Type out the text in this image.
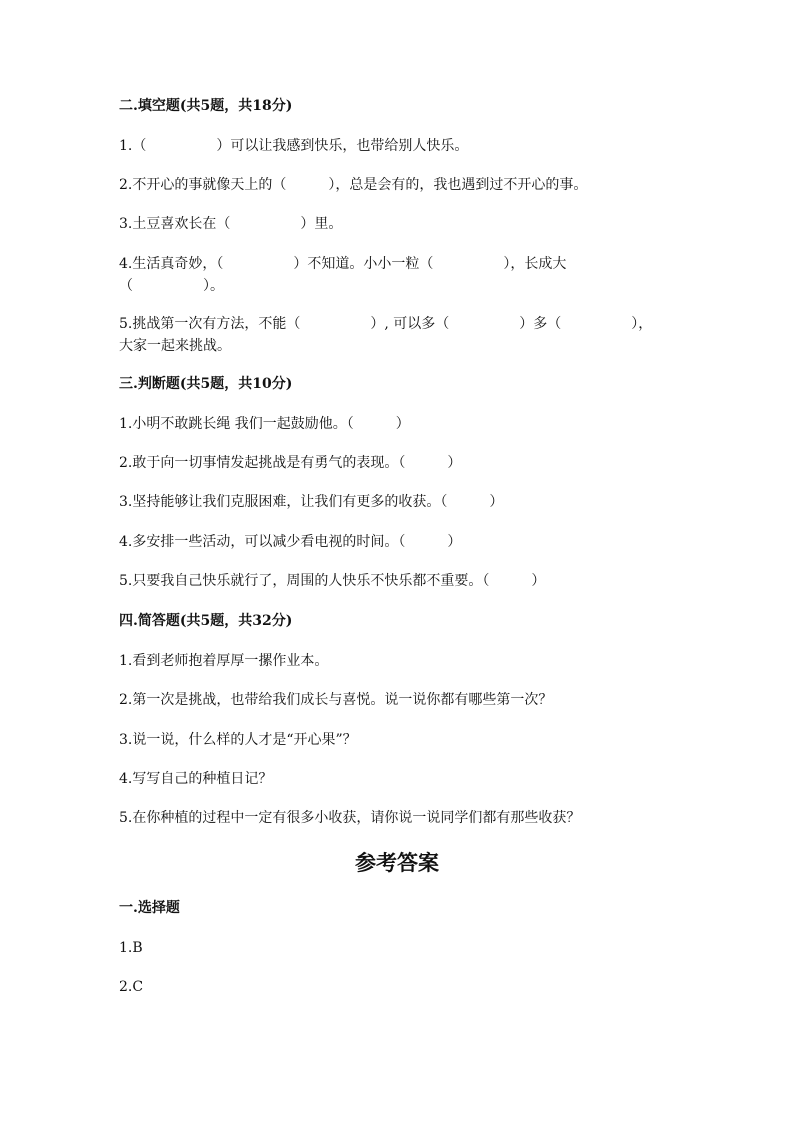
二.填空题(共5题，共18分)
1.（　　　　　）可以让我感到快乐，也带给别人快乐。
2.不开心的事就像天上的（　　　），总是会有的，我也遇到过不开心的事。
3.土豆喜欢长在（　　　　　）里。
4.生活真奇妙，（　　　　　）不知道。小小一粒（　　　　　），长成大（　　　　　）。
5.挑战第一次有方法，不能（　　　　　）, 可以多（　　　　　）多（　　　　　），大家一起来挑战。
三.判断题(共5题，共10分)
1.小明不敢跳长绳 我们一起鼓励他。（　　　）
2.敢于向一切事情发起挑战是有勇气的表现。（　　　）
3.坚持能够让我们克服困难，让我们有更多的收获。（　　　）
4.多安排一些活动，可以减少看电视的时间。（　　　）
5.只要我自己快乐就行了，周围的人快乐不快乐都不重要。（　　　）
四.简答题(共5题，共32分)
1.看到老师抱着厚厚一摞作业本。
2.第一次是挑战，也带给我们成长与喜悦。说一说你都有哪些第一次？
3.说一说，什么样的人才是“开心果”？
4.写写自己的种植日记？
5.在你种植的过程中一定有很多小收获，请你说一说同学们都有那些收获？
参考答案
一.选择题
1.B
2.C
